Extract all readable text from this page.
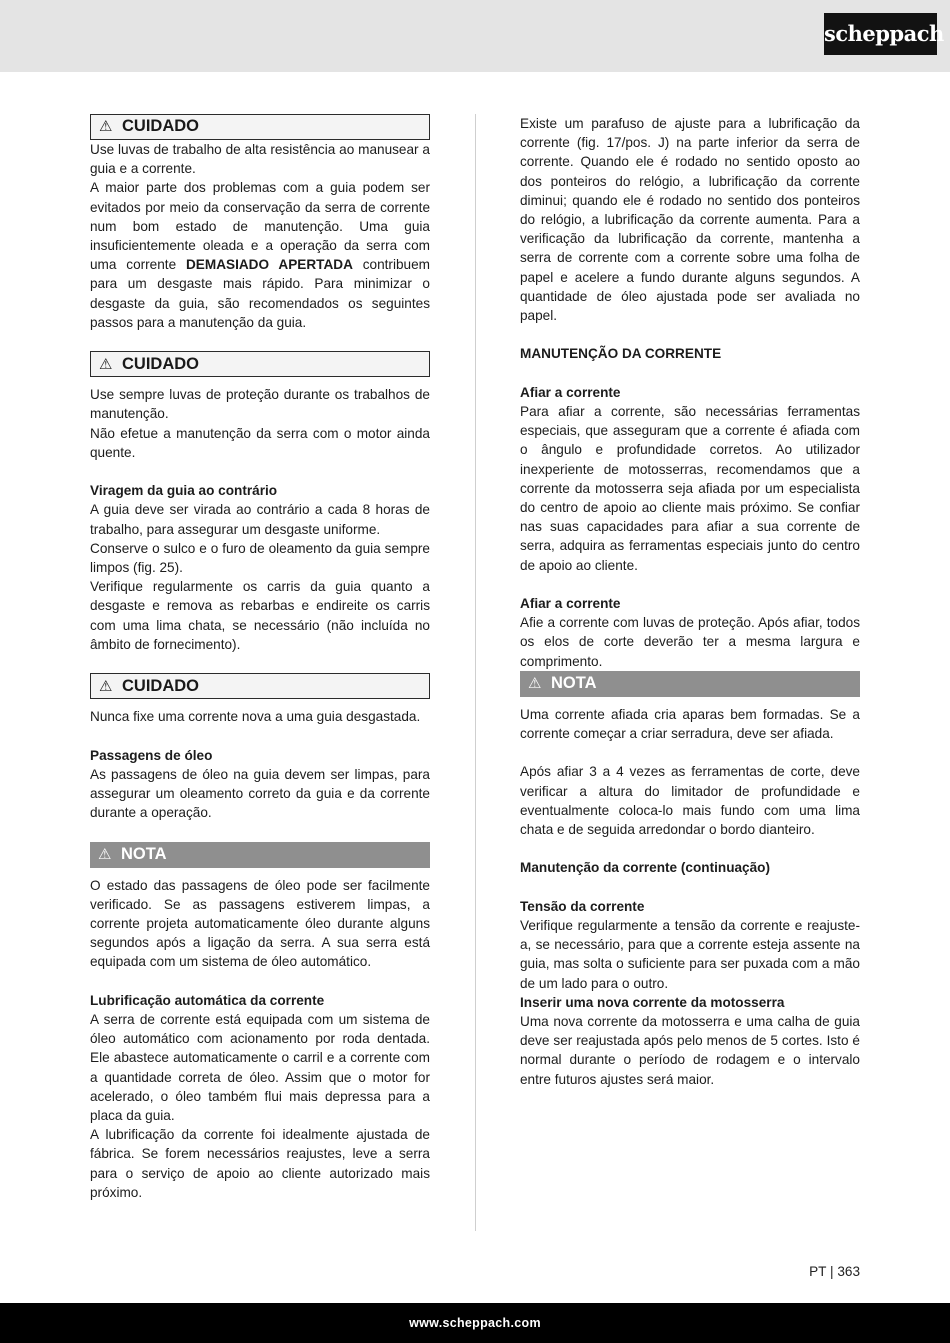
scheppach
⚠ CUIDADO

Use luvas de trabalho de alta resistência ao manusear a guia e a corrente.

A maior parte dos problemas com a guia podem ser evitados por meio da conservação da serra de corrente num bom estado de manutenção. Uma guia insuficientemente oleada e a operação da serra com uma corrente DEMASIADO APERTADA contribuem para um desgaste mais rápido. Para minimizar o desgaste da guia, são recomendados os seguintes passos para a manutenção da guia.

⚠ CUIDADO

Use sempre luvas de proteção durante os trabalhos de manutenção.

Não efetue a manutenção da serra com o motor ainda quente.

Viragem da guia ao contrário

A guia deve ser virada ao contrário a cada 8 horas de trabalho, para assegurar um desgaste uniforme.

Conserve o sulco e o furo de oleamento da guia sempre limpos (fig. 25).

Verifique regularmente os carris da guia quanto a desgaste e remova as rebarbas e endireite os carris com uma lima chata, se necessário (não incluída no âmbito de fornecimento).

⚠ CUIDADO

Nunca fixe uma corrente nova a uma guia desgastada.

Passagens de óleo

As passagens de óleo na guia devem ser limpas, para assegurar um oleamento correto da guia e da corrente durante a operação.

⚠ NOTA

O estado das passagens de óleo pode ser facilmente verificado. Se as passagens estiverem limpas, a corrente projeta automaticamente óleo durante alguns segundos após a ligação da serra. A sua serra está equipada com um sistema de óleo automático.

Lubrificação automática da corrente

A serra de corrente está equipada com um sistema de óleo automático com acionamento por roda dentada. Ele abastece automaticamente o carril e a corrente com a quantidade correta de óleo. Assim que o motor for acelerado, o óleo também flui mais depressa para a placa da guia.

A lubrificação da corrente foi idealmente ajustada de fábrica. Se forem necessários reajustes, leve a serra para o serviço de apoio ao cliente autorizado mais próximo.

Existe um parafuso de ajuste para a lubrificação da corrente (fig. 17/pos. J) na parte inferior da serra de corrente. Quando ele é rodado no sentido oposto ao dos ponteiros do relógio, a lubrificação da corrente diminui; quando ele é rodado no sentido dos ponteiros do relógio, a lubrificação da corrente aumenta. Para a verificação da lubrificação da corrente, mantenha a serra de corrente com a corrente sobre uma folha de papel e acelere a fundo durante alguns segundos. A quantidade de óleo ajustada pode ser avaliada no papel.

MANUTENÇÃO DA CORRENTE

Afiar a corrente

Para afiar a corrente, são necessárias ferramentas especiais, que asseguram que a corrente é afiada com o ângulo e profundidade corretos. Ao utilizador inexperiente de motosserras, recomendamos que a corrente da motosserra seja afiada por um especialista do centro de apoio ao cliente mais próximo. Se confiar nas suas capacidades para afiar a sua corrente de serra, adquira as ferramentas especiais junto do centro de apoio ao cliente.

Afiar a corrente

Afie a corrente com luvas de proteção. Após afiar, todos os elos de corte deverão ter a mesma largura e comprimento.

⚠ NOTA

Uma corrente afiada cria aparas bem formadas. Se a corrente começar a criar serradura, deve ser afiada.

Após afiar 3 a 4 vezes as ferramentas de corte, deve verificar a altura do limitador de profundidade e eventualmente coloca-lo mais fundo com uma lima chata e de seguida arredondar o bordo dianteiro.

Manutenção da corrente (continuação)

Tensão da corrente

Verifique regularmente a tensão da corrente e reajuste-a, se necessário, para que a corrente esteja assente na guia, mas solta o suficiente para ser puxada com a mão de um lado para o outro.

Inserir uma nova corrente da motosserra

Uma nova corrente da motosserra e uma calha de guia deve ser reajustada após pelo menos de 5 cortes. Isto é normal durante o período de rodagem e o intervalo entre futuros ajustes será maior.

PT | 363
www.scheppach.com
